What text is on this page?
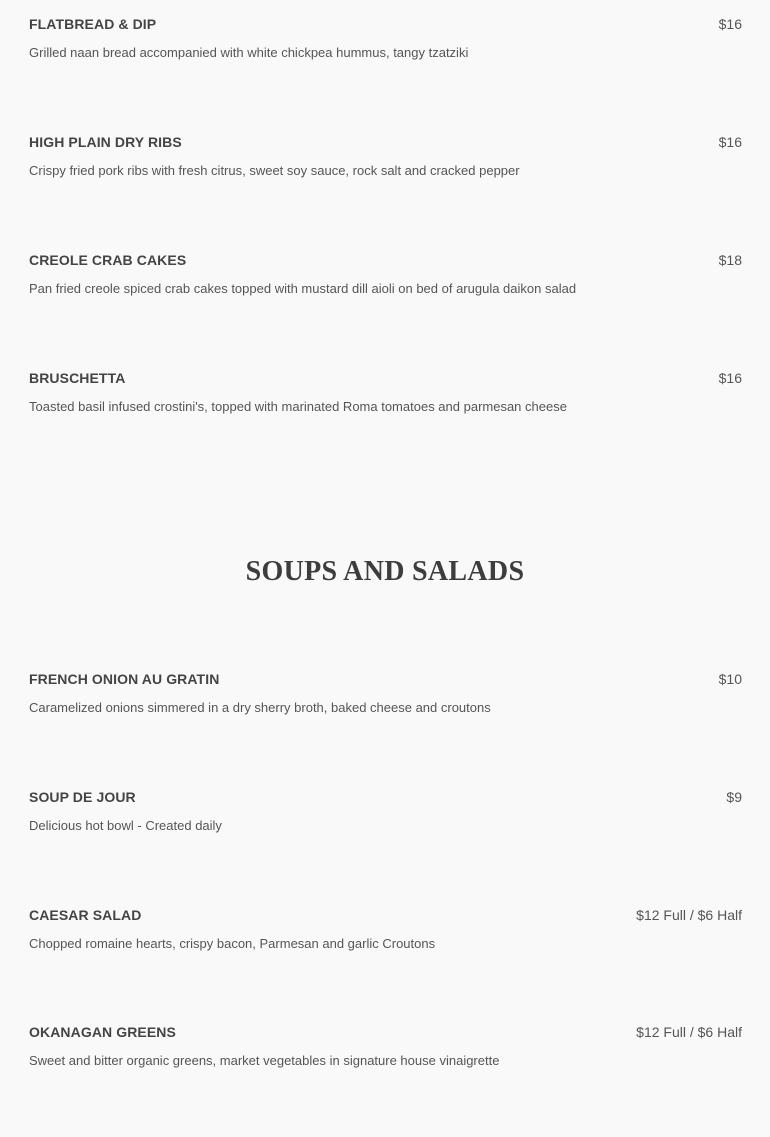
FLATBREAD & DIP	$16
Grilled naan bread accompanied with white chickpea hummus, tangy tzatziki
HIGH PLAIN DRY RIBS	$16
Crispy fried pork ribs with fresh citrus, sweet soy sauce, rock salt and cracked pepper
CREOLE CRAB CAKES	$18
Pan fried creole spiced crab cakes topped with mustard dill aioli on bed of arugula daikon salad
BRUSCHETTA	$16
Toasted basil infused crostini's, topped with marinated Roma tomatoes and parmesan cheese
SOUPS AND SALADS
FRENCH ONION AU GRATIN	$10
Caramelized onions simmered in a dry sherry broth, baked cheese and croutons
SOUP DE JOUR	$9
Delicious hot bowl - Created daily
CAESAR SALAD	$12 Full / $6 Half
Chopped romaine hearts, crispy bacon, Parmesan and garlic Croutons
OKANAGAN GREENS	$12 Full / $6 Half
Sweet and bitter organic greens, market vegetables in signature house vinaigrette
